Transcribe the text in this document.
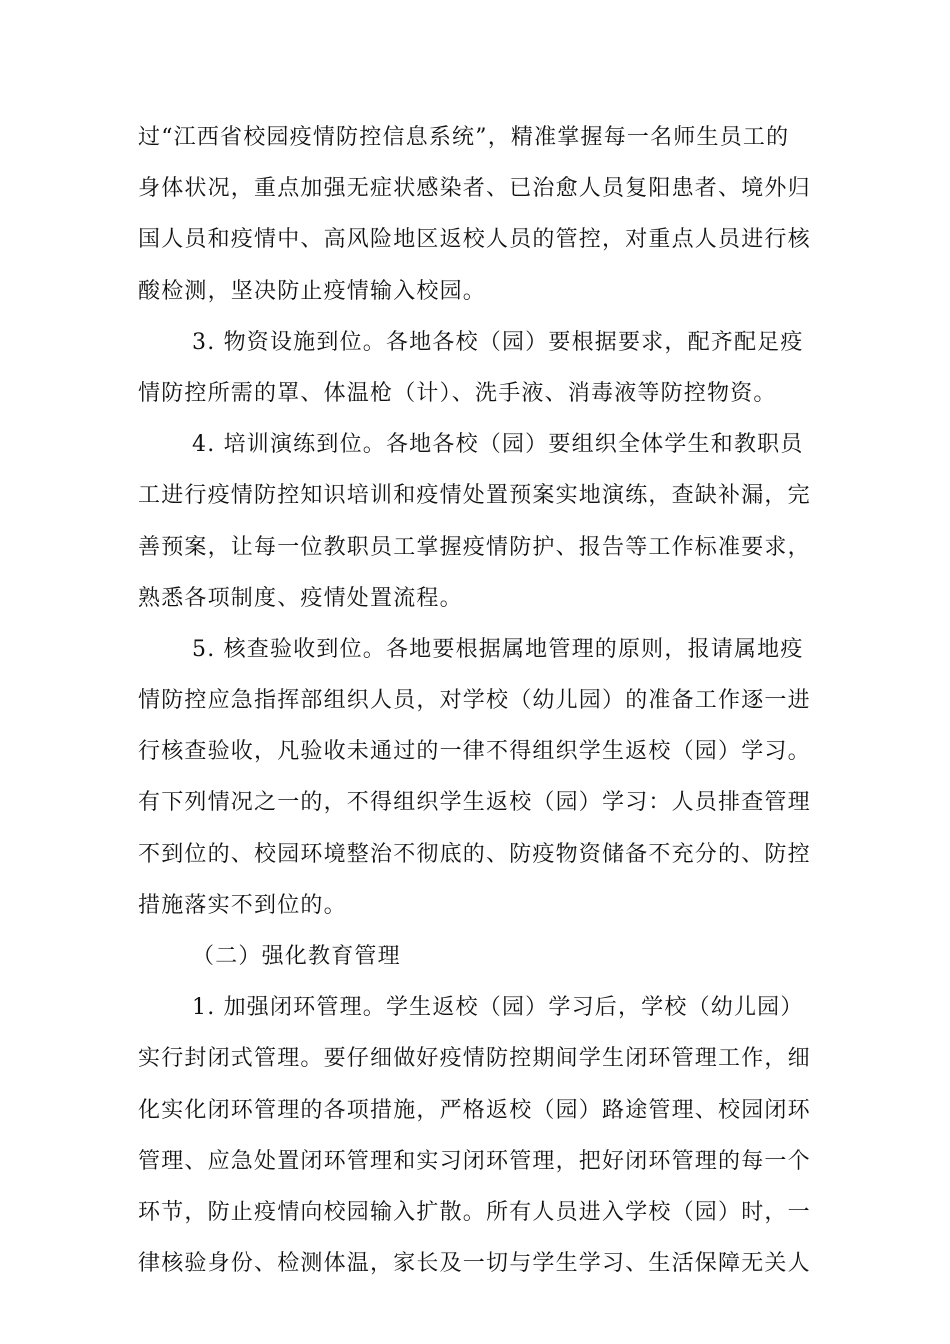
过“江西省校园疫情防控信息系统”，精准掌握每一名师生员工的
身体状况，重点加强无症状感染者、已治愈人员复阳患者、境外归
国人员和疫情中、高风险地区返校人员的管控，对重点人员进行核
酸检测，坚决防止疫情输入校园。
3. 物资设施到位。各地各校（园）要根据要求，配齐配足疫
情防控所需的罩、体温枪（计）、洗手液、消毒液等防控物资。
4. 培训演练到位。各地各校（园）要组织全体学生和教职员
工进行疫情防控知识培训和疫情处置预案实地演练，查缺补漏，完
善预案，让每一位教职员工掌握疫情防护、报告等工作标准要求，
熟悉各项制度、疫情处置流程。
5. 核查验收到位。各地要根据属地管理的原则，报请属地疫
情防控应急指挥部组织人员，对学校（幼儿园）的准备工作逐一进
行核查验收，凡验收未通过的一律不得组织学生返校（园）学习。
有下列情况之一的，不得组织学生返校（园）学习：人员排查管理
不到位的、校园环境整治不彻底的、防疫物资储备不充分的、防控
措施落实不到位的。
（二）强化教育管理
1. 加强闭环管理。学生返校（园）学习后，学校（幼儿园）
实行封闭式管理。要仔细做好疫情防控期间学生闭环管理工作，细
化实化闭环管理的各项措施，严格返校（园）路途管理、校园闭环
管理、应急处置闭环管理和实习闭环管理，把好闭环管理的每一个
环节，防止疫情向校园输入扩散。所有人员进入学校（园）时，一
律核验身份、检测体温，家长及一切与学生学习、生活保障无关人
